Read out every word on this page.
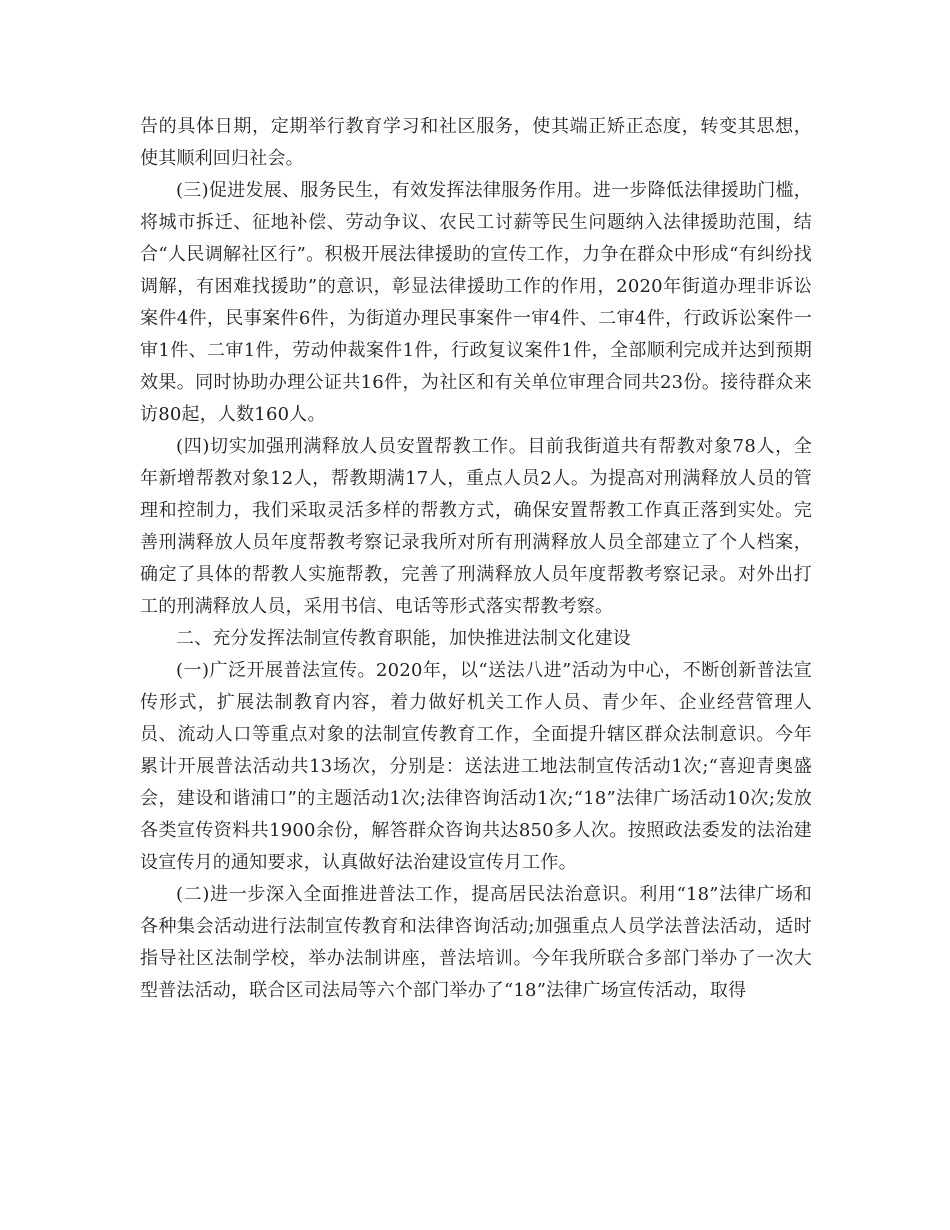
告的具体日期，定期举行教育学习和社区服务，使其端正矫正态度，转变其思想，使其顺利回归社会。

(三)促进发展、服务民生，有效发挥法律服务作用。进一步降低法律援助门槛，将城市拆迁、征地补偿、劳动争议、农民工讨薪等民生问题纳入法律援助范围，结合“人民调解社区行”。积极开展法律援助的宣传工作，力争在群众中形成“有纠纷找调解，有困难找援助”的意识，彰显法律援助工作的作用，2020年街道办理非诉讼案件4件，民事案件6件，为街道办理民事案件一审4件、二审4件，行政诉讼案件一审1件、二审1件，劳动仲裁案件1件，行政复议案件1件，全部顺利完成并达到预期效果。同时协助办理公证共16件，为社区和有关单位审理合同共23份。接待群众来访80起，人数160人。

(四)切实加强刑满释放人员安置帮教工作。目前我街道共有帮教对象78人，全年新增帮教对象12人，帮教期满17人，重点人员2人。为提高对刑满释放人员的管理和控制力，我们采取灵活多样的帮教方式，确保安置帮教工作真正落到实处。完善刑满释放人员年度帮教考察记录我所对所有刑满释放人员全部建立了个人档案，确定了具体的帮教人实施帮教，完善了刑满释放人员年度帮教考察记录。对外出打工的刑满释放人员，采用书信、电话等形式落实帮教考察。

二、充分发挥法制宣传教育职能，加快推进法制文化建设

(一)广泛开展普法宣传。2020年，以“送法八进”活动为中心，不断创新普法宣传形式，扩展法制教育内容，着力做好机关工作人员、青少年、企业经营管理人员、流动人口等重点对象的法制宣传教育工作，全面提升辖区群众法制意识。今年累计开展普法活动共13场次，分别是：送法进工地法制宣传活动1次;“喜迎青奥盛会，建设和谐浦口”的主题活动1次;法律咨询活动1次;“18”法律广场活动10次;发放各类宣传资料共1900余份，解答群众咨询共达850多人次。按照政法委发的法治建设宣传月的通知要求，认真做好法治建设宣传月工作。

(二)进一步深入全面推进普法工作，提高居民法治意识。利用“18”法律广场和各种集会活动进行法制宣传教育和法律咨询活动;加强重点人员学法普法活动，适时指导社区法制学校，举办法制讲座，普法培训。今年我所联合多部门举办了一次大型普法活动，联合区司法局等六个部门举办了“18”法律广场宣传活动，取得
